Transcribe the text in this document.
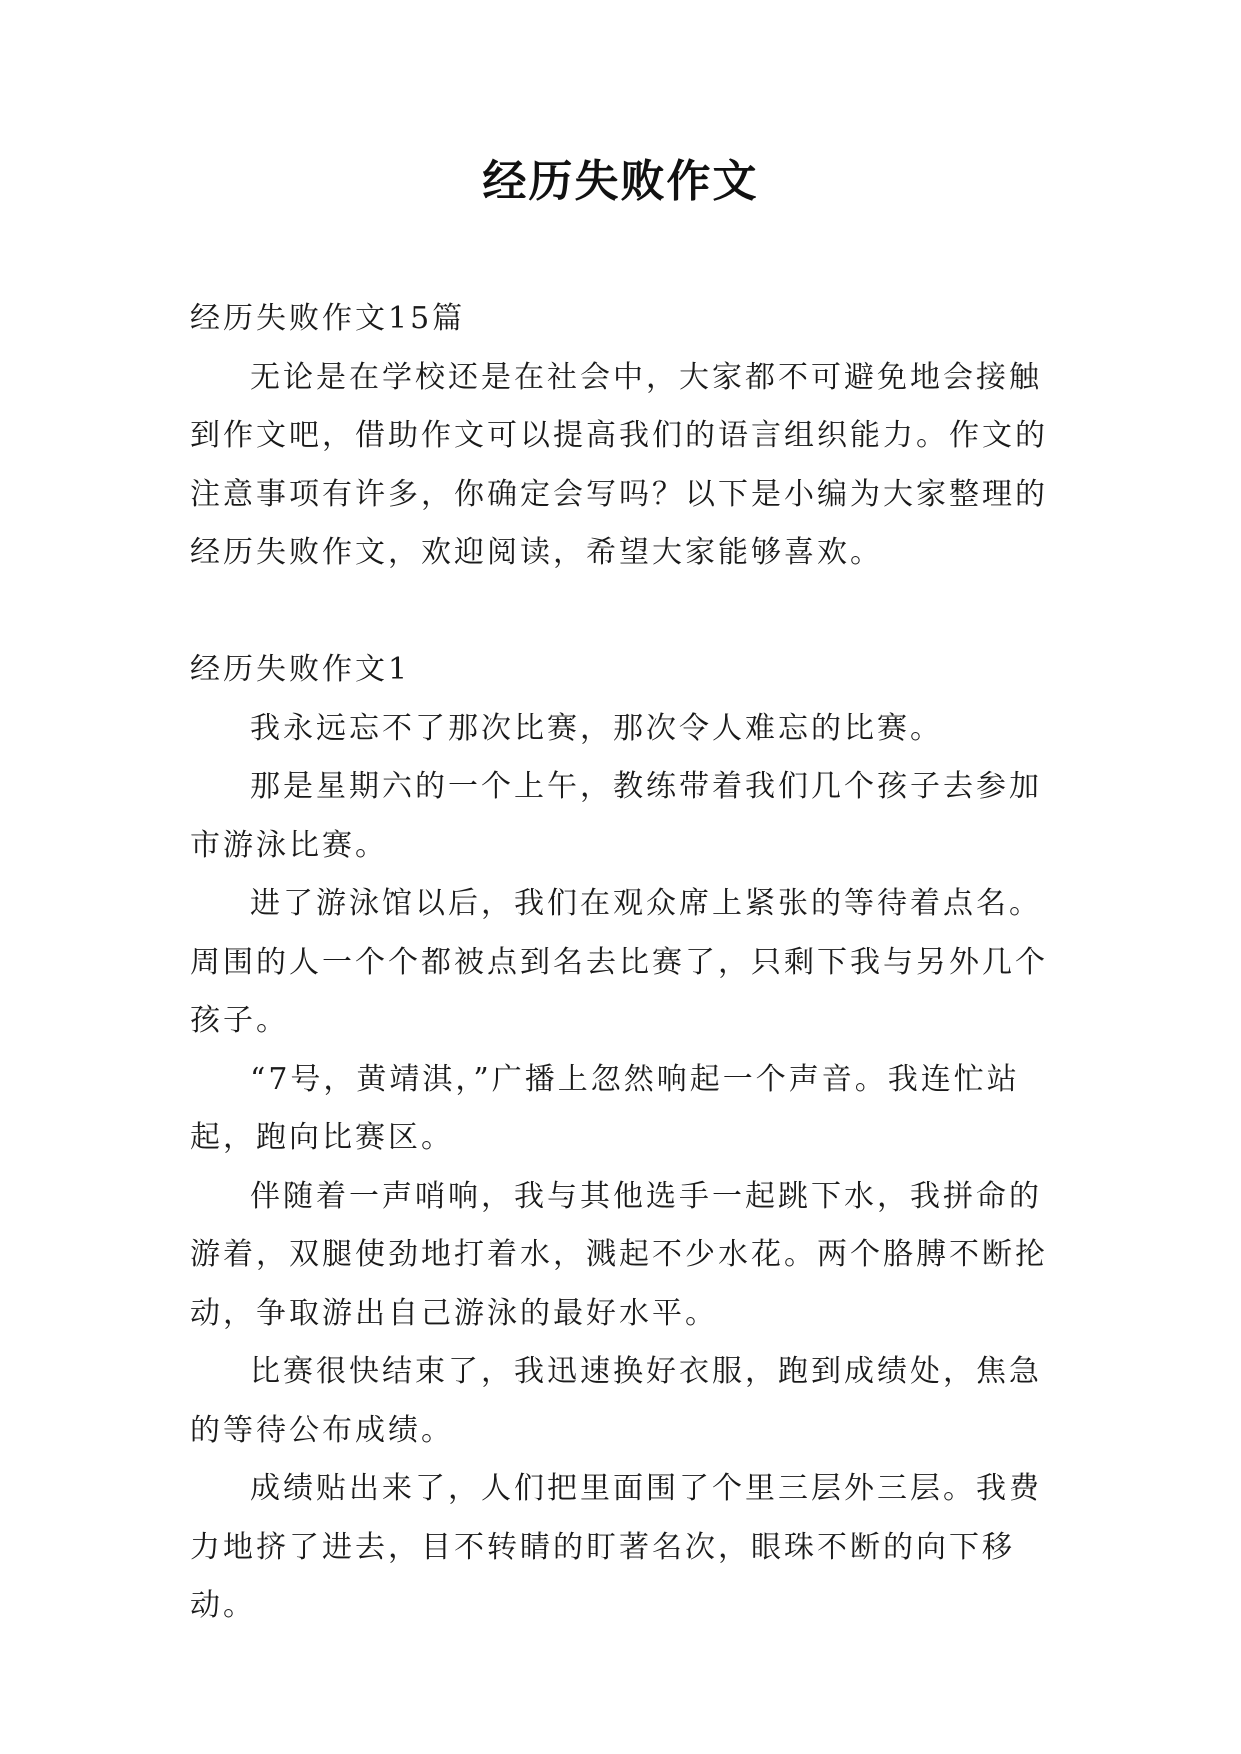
经历失败作文

经历失败作文15篇

无论是在学校还是在社会中，大家都不可避免地会接触到作文吧，借助作文可以提高我们的语言组织能力。作文的注意事项有许多，你确定会写吗？以下是小编为大家整理的经历失败作文，欢迎阅读，希望大家能够喜欢。

经历失败作文1

我永远忘不了那次比赛，那次令人难忘的比赛。

那是星期六的一个上午，教练带着我们几个孩子去参加市游泳比赛。

进了游泳馆以后，我们在观众席上紧张的等待着点名。周围的人一个个都被点到名去比赛了，只剩下我与另外几个孩子。

“7号，黄靖淇，”广播上忽然响起一个声音。我连忙站起，跑向比赛区。

伴随着一声哨响，我与其他选手一起跳下水，我拼命的游着，双腿使劲地打着水，溅起不少水花。两个胳膊不断抡动，争取游出自己游泳的最好水平。

比赛很快结束了，我迅速换好衣服，跑到成绩处，焦急的等待公布成绩。

成绩贴出来了，人们把里面围了个里三层外三层。我费力地挤了进去，目不转睛的盯著名次，眼珠不断的向下移动。
